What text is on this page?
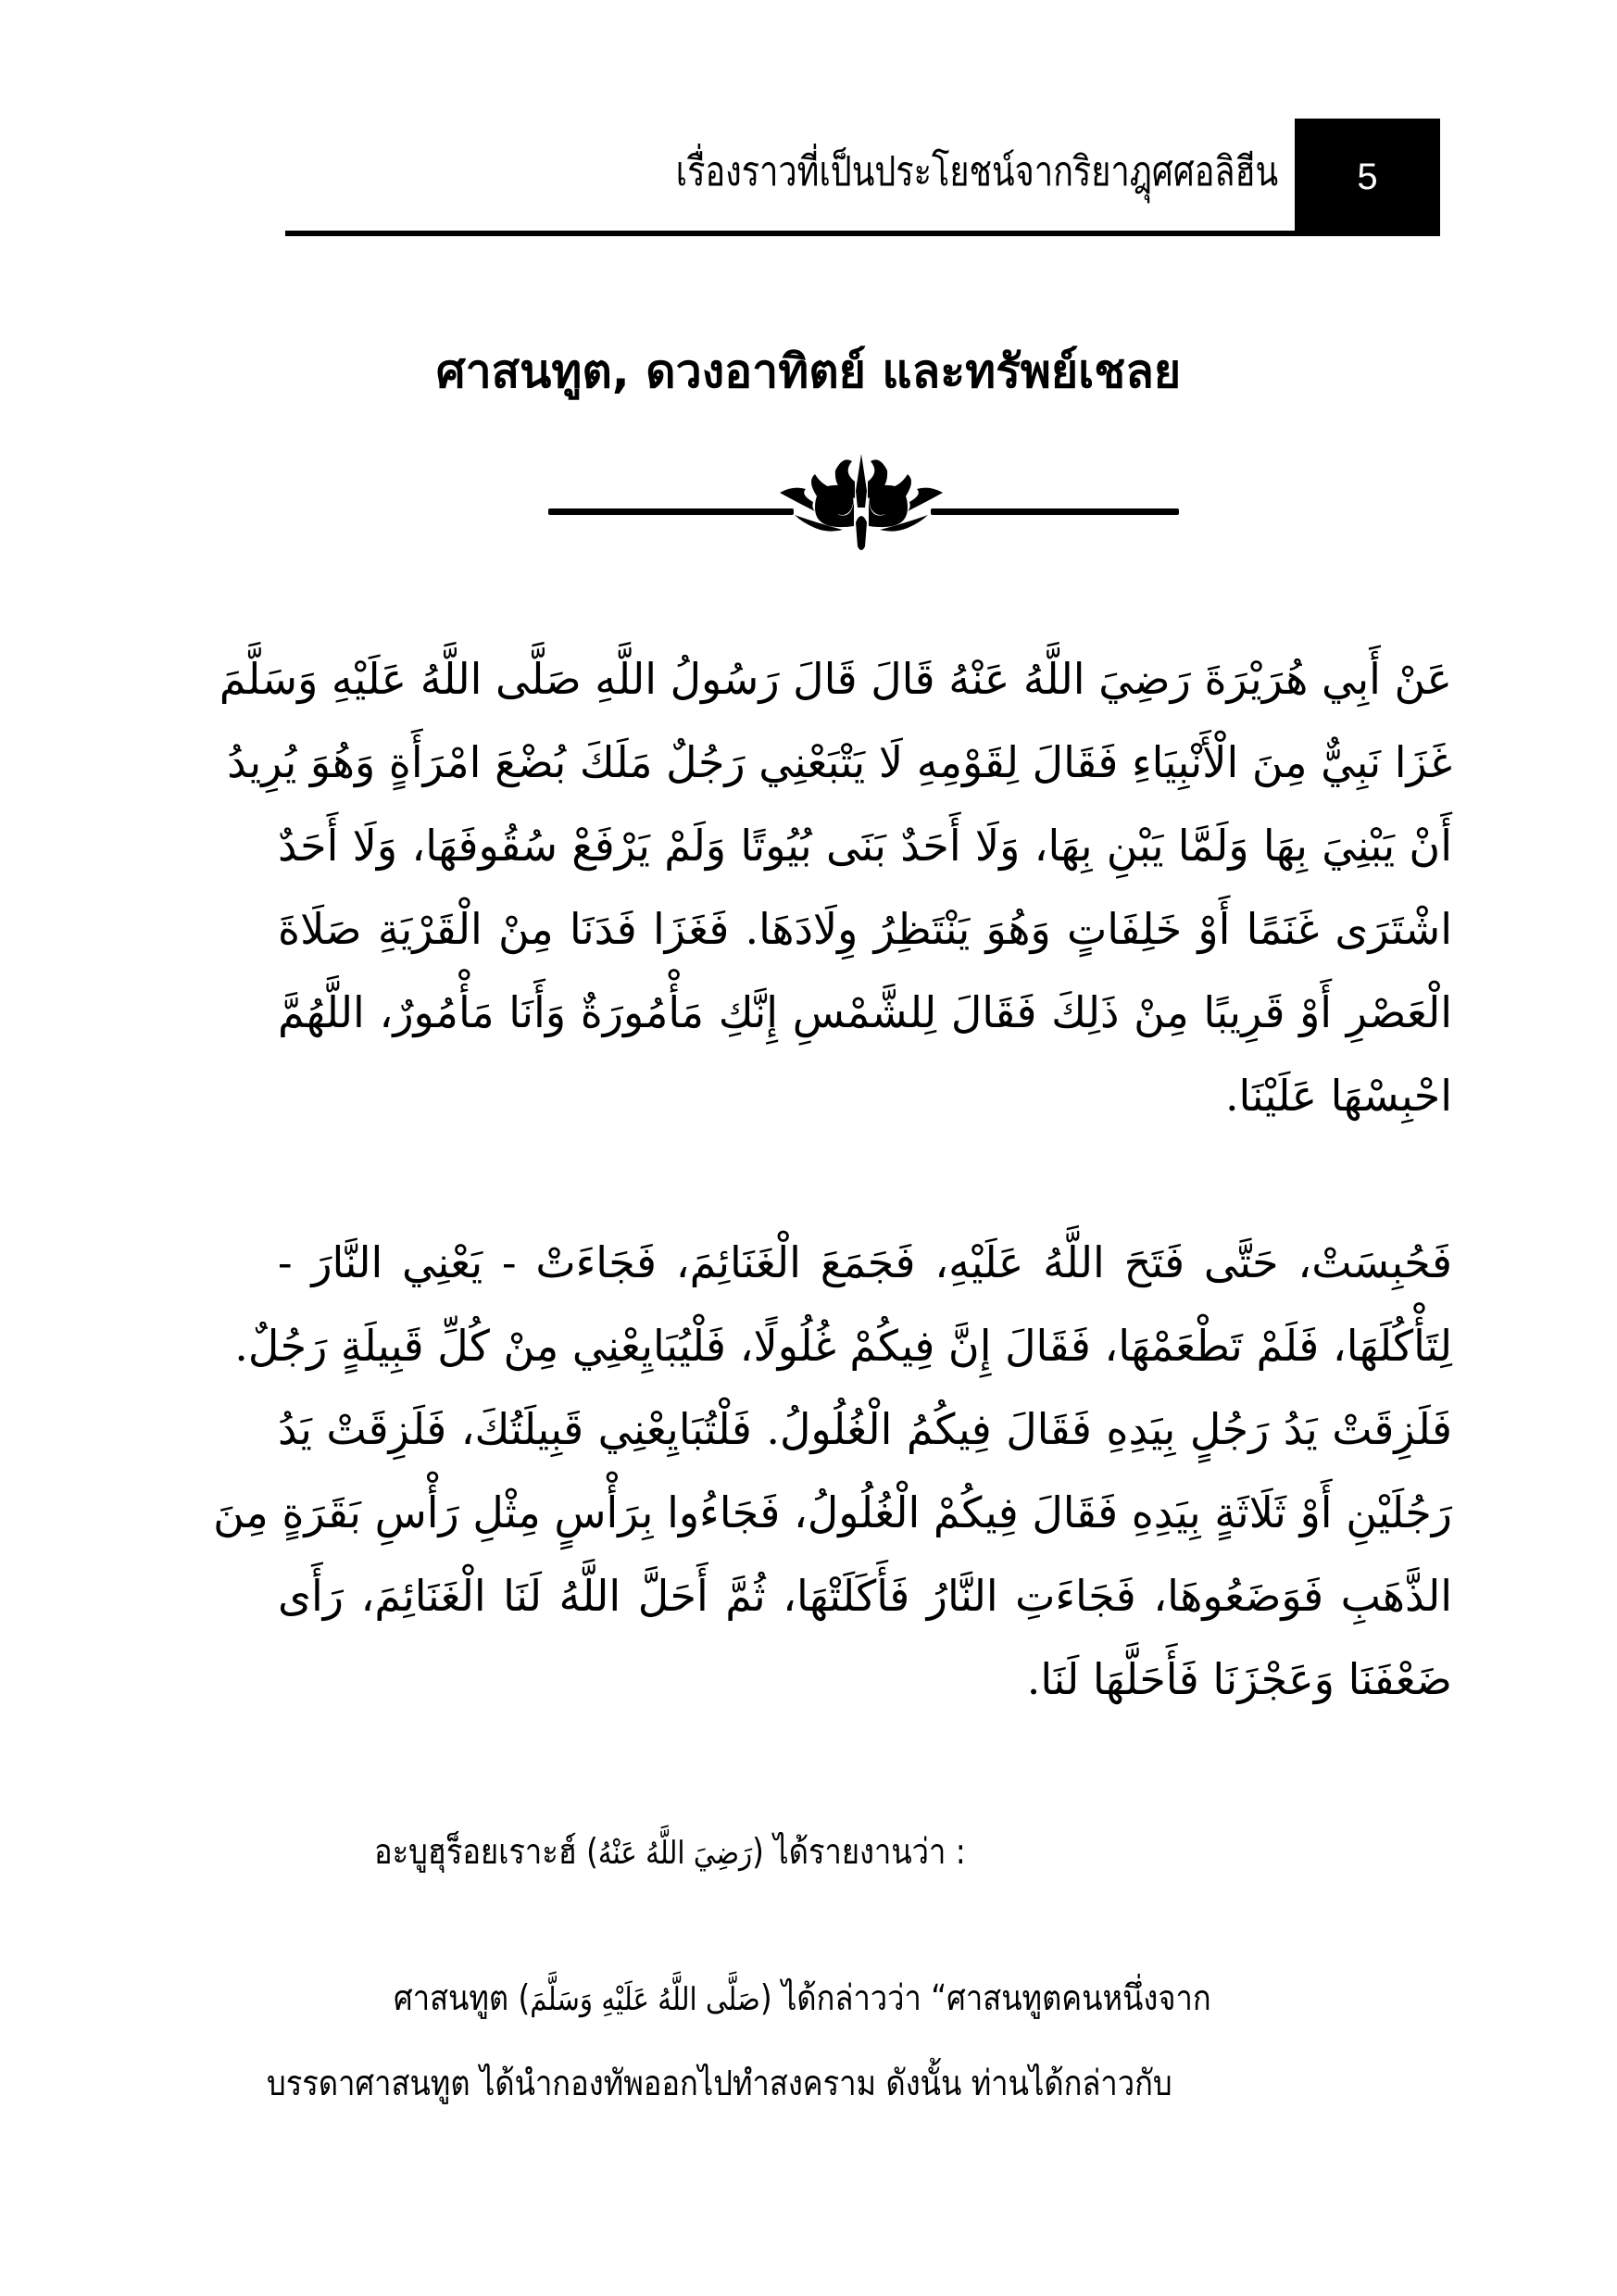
เรื่องราวที่เป็นประโยชน์จากริยาฎุศศอลิฮีน 5
ศาสนทูต, ดวงอาทิตย์ และทรัพย์เชลย
عَنْ أَبِي هُرَيْرَةَ رَضِيَ اللَّهُ عَنْهُ قَالَ قَالَ رَسُولُ اللَّهِ صَلَّى اللَّهُ عَلَيْهِ وَسَلَّمَ
غَزَا نَبِيٌّ مِنَ الْأَنْبِيَاءِ فَقَالَ لِقَوْمِهِ لَا يَتْبَعْنِي رَجُلٌ مَلَكَ بُضْعَ امْرَأَةٍ وَهُوَ يُرِيدُ
أَنْ يَبْنِيَ بِهَا وَلَمَّا يَبْنِ بِهَا، وَلَا أَحَدٌ بَنَى بُيُوتًا وَلَمْ يَرْفَعْ سُقُوفَهَا، وَلَا أَحَدٌ
اشْتَرَى غَنَمًا أَوْ خَلِفَاتٍ وَهُوَ يَنْتَظِرُ وِلَادَهَا. فَغَزَا فَدَنَا مِنْ الْقَرْيَةِ صَلَاةَ
الْعَصْرِ أَوْ قَرِيبًا مِنْ ذَلِكَ فَقَالَ لِلشَّمْسِ إِنَّكِ مَأْمُورَةٌ وَأَنَا مَأْمُورٌ، اللَّهُمَّ
احْبِسْهَا عَلَيْنَا.
فَحُبِسَتْ، حَتَّى فَتَحَ اللَّهُ عَلَيْهِ، فَجَمَعَ الْغَنَائِمَ، فَجَاءَتْ - يَعْنِي النَّارَ -
لِتَأْكُلَهَا، فَلَمْ تَطْعَمْهَا، فَقَالَ إِنَّ فِيكُمْ غُلُولًا، فَلْيُبَايِعْنِي مِنْ كُلِّ قَبِيلَةٍ رَجُلٌ.
فَلَزِقَتْ يَدُ رَجُلٍ بِيَدِهِ فَقَالَ فِيكُمُ الْغُلُولُ. فَلْتُبَايِعْنِي قَبِيلَتُكَ، فَلَزِقَتْ يَدُ
رَجُلَيْنِ أَوْ ثَلَاثَةٍ بِيَدِهِ فَقَالَ فِيكُمْ الْغُلُولُ، فَجَاءُوا بِرَأْسٍ مِثْلِ رَأْسِ بَقَرَةٍ مِنَ
الذَّهَبِ فَوَضَعُوهَا، فَجَاءَتِ النَّارُ فَأَكَلَتْهَا، ثُمَّ أَحَلَّ اللَّهُ لَنَا الْغَنَائِمَ، رَأَى
ضَعْفَنَا وَعَجْزَنَا فَأَحَلَّهَا لَنَا.
อะบูฮุร็อยเราะฮ์ (رَضِيَ اللَّهُ عَنْهُ) ได้รายงานว่า :
ศาสนทูต (صَلَّى اللَّهُ عَلَيْهِ وَسَلَّمَ) ได้กล่าวว่า “ศาสนทูตคนหนึ่งจาก
บรรดาศาสนทูต ได้นำกองทัพออกไปทำสงคราม ดังนั้น ท่านได้กล่าวกับ
